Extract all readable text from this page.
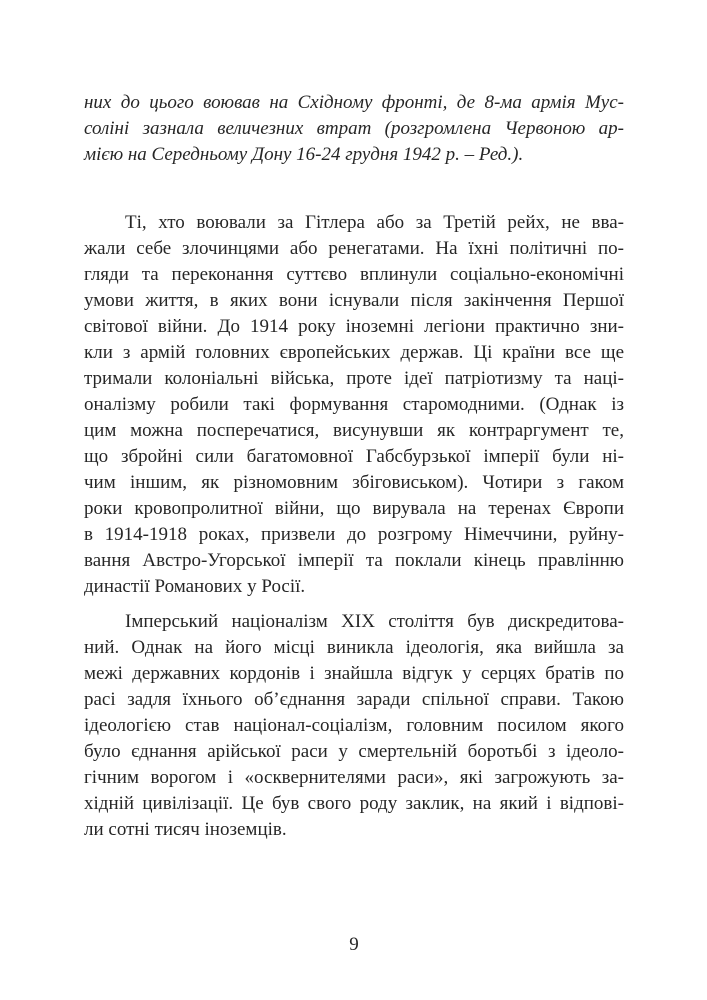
них до цього воював на Східному фронті, де 8-ма армія Мус-
соліні зазнала величезних втрат (розгромлена Червоною ар-
мією на Середньому Дону 16-24 грудня 1942 р. – Ред.).
Ті, хто воювали за Гітлера або за Третій рейх, не вва-
жали себе злочинцями або ренегатами. На їхні політичні по-
гляди та переконання суттєво вплинули соціально-економічні
умови життя, в яких вони існували після закінчення Першої
світової війни. До 1914 року іноземні легіони практично зни-
кли з армій головних європейських держав. Ці країни все ще
тримали колоніальні війська, проте ідеї патріотизму та наці-
оналізму робили такі формування старомодними. (Однак із
цим можна посперечатися, висунувши як контраргумент те,
що збройні сили багатомовної Габсбурзької імперії були ні-
чим іншим, як різномовним збіговиськом). Чотири з гаком
роки кровопролитної війни, що вирувала на теренах Європи
в 1914-1918 роках, призвели до розгрому Німеччини, руйну-
вання Австро-Угорської імперії та поклали кінець правлінню
династії Романових у Росії.
Імперський націоналізм XIX століття був дискредитова-
ний. Однак на його місці виникла ідеологія, яка вийшла за
межі державних кордонів і знайшла відгук у серцях братів по
расі задля їхнього об’єднання заради спільної справи. Такою
ідеологією став націонал-соціалізм, головним посилом якого
було єднання арійської раси у смертельній боротьбі з ідеоло-
гічним ворогом і «осквернителями раси», які загрожують за-
хідній цивілізації. Це був свого роду заклик, на який і відпові-
ли сотні тисяч іноземців.
9
